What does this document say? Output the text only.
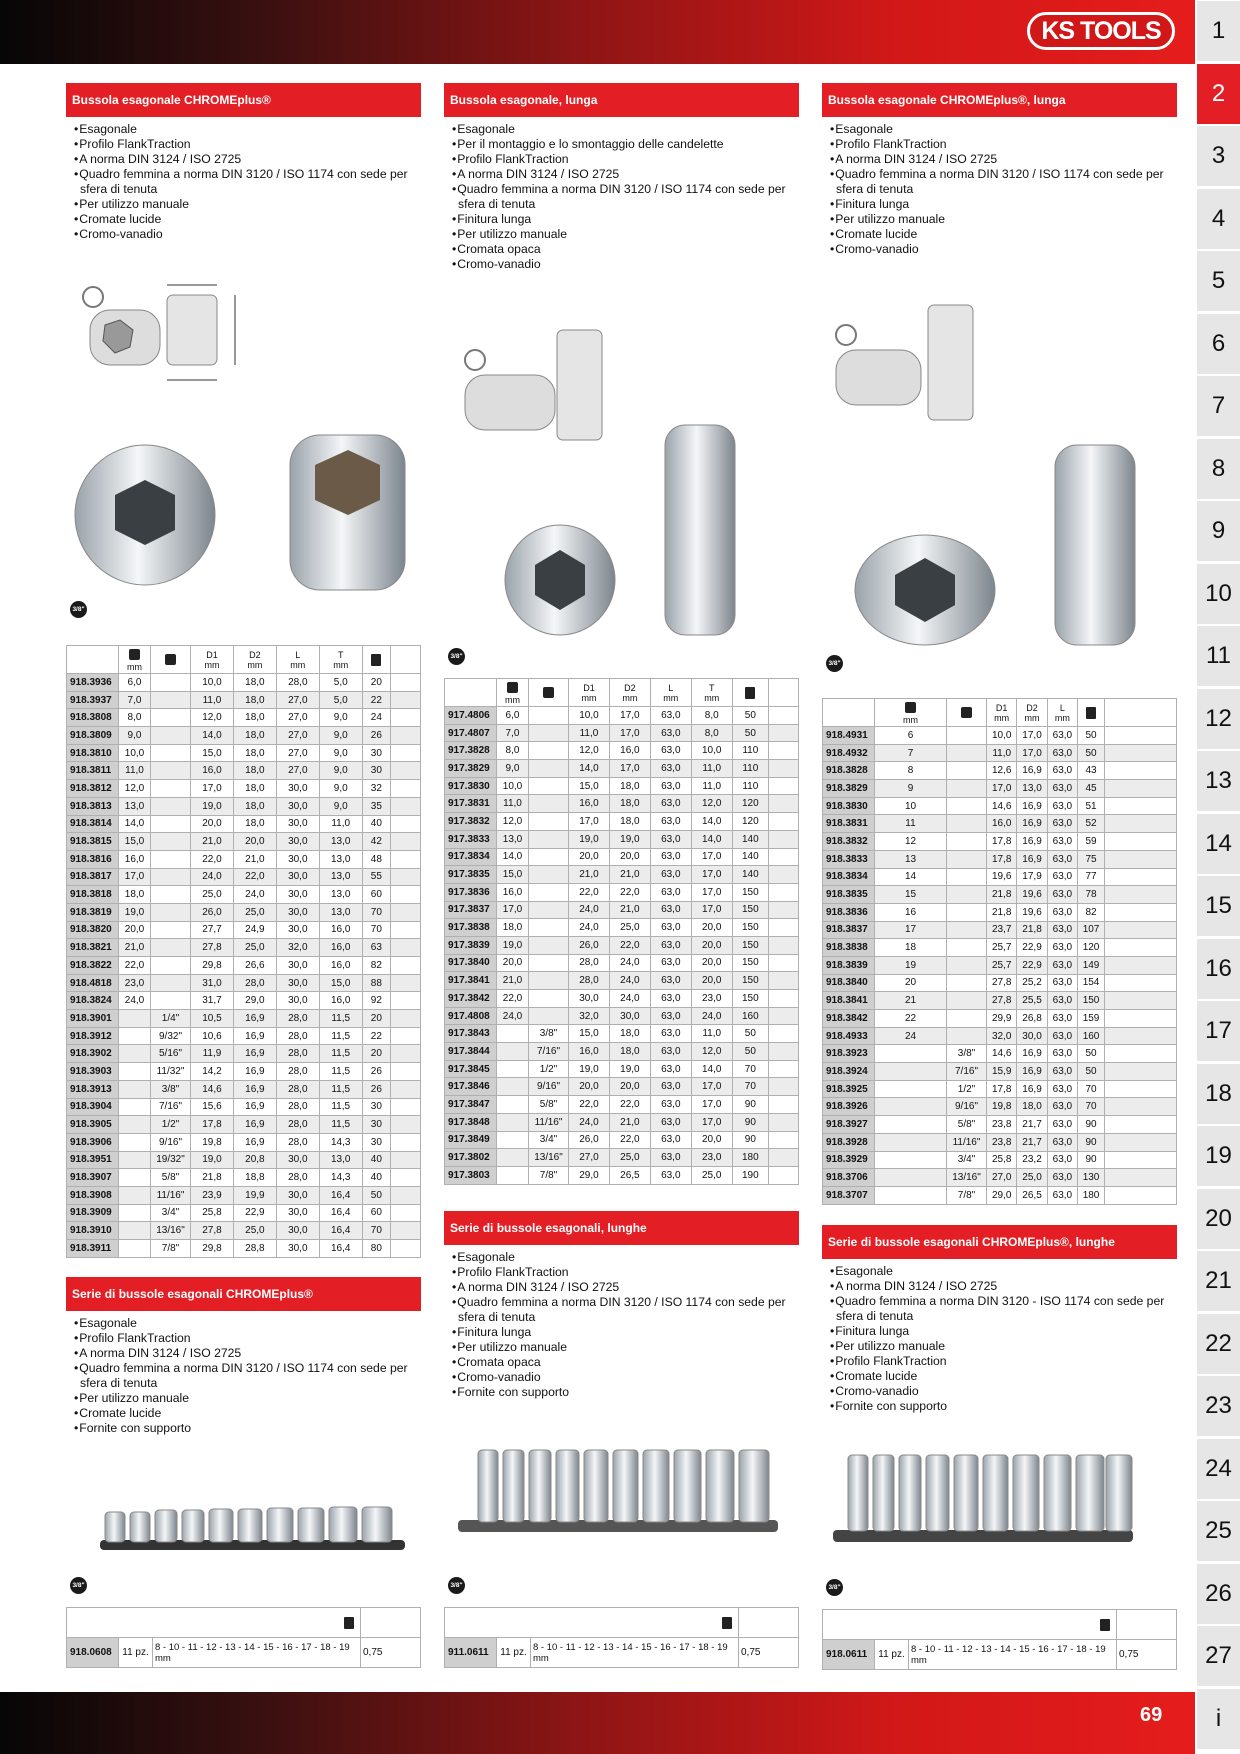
KS TOOLS
69
1
2
3
4
5
6
7
8
9
10
11
12
13
14
15
16
17
18
19
20
21
22
23
24
25
26
27
i
Bussola esagonale CHROMEplus®
• Esagonale
• Profilo FlankTraction
• A norma DIN 3124 / ISO 2725
• Quadro femmina a norma DIN 3120 / ISO 1174 con sede per sfera di tenuta
• Per utilizzo manuale
• Cromate lucide
• Cromo-vanadio
3/8"
Bussola esagonale, lunga
• Esagonale
• Per il montaggio e lo smontaggio delle candelette
• Profilo FlankTraction
• A norma DIN 3124 / ISO 2725
• Quadro femmina a norma DIN 3120 / ISO 1174 con sede per sfera di tenuta
• Finitura lunga
• Per utilizzo manuale
• Cromata opaca
• Cromo-vanadio
3/8"
Bussola esagonale CHROMEplus®, lunga
• Esagonale
• Profilo FlankTraction
• A norma DIN 3124 / ISO 2725
• Quadro femmina a norma DIN 3120 / ISO 1174 con sede per sfera di tenuta
• Finitura lunga
• Per utilizzo manuale
• Cromate lucide
• Cromo-vanadio
3/8"

mm		D1
mm	D2
mm	L
mm	T
mm		
918.3936	6,0		10,0	18,0	28,0	5,0	20	
918.3937	7,0		11,0	18,0	27,0	5,0	22	
918.3808	8,0		12,0	18,0	27,0	9,0	24	
918.3809	9,0		14,0	18,0	27,0	9,0	26	
918.3810	10,0		15,0	18,0	27,0	9,0	30	
918.3811	11,0		16,0	18,0	27,0	9,0	30	
918.3812	12,0		17,0	18,0	30,0	9,0	32	
918.3813	13,0		19,0	18,0	30,0	9,0	35	
918.3814	14,0		20,0	18,0	30,0	11,0	40	
918.3815	15,0		21,0	20,0	30,0	13,0	42	
918.3816	16,0		22,0	21,0	30,0	13,0	48	
918.3817	17,0		24,0	22,0	30,0	13,0	55	
918.3818	18,0		25,0	24,0	30,0	13,0	60	
918.3819	19,0		26,0	25,0	30,0	13,0	70	
918.3820	20,0		27,7	24,9	30,0	16,0	70	
918.3821	21,0		27,8	25,0	32,0	16,0	63	
918.3822	22,0		29,8	26,6	30,0	16,0	82	
918.4818	23,0		31,0	28,0	30,0	15,0	88	
918.3824	24,0		31,7	29,0	30,0	16,0	92	
918.3901		1/4"	10,5	16,9	28,0	11,5	20	
918.3912		9/32"	10,6	16,9	28,0	11,5	22	
918.3902		5/16"	11,9	16,9	28,0	11,5	20	
918.3903		11/32"	14,2	16,9	28,0	11,5	26	
918.3913		3/8"	14,6	16,9	28,0	11,5	26	
918.3904		7/16"	15,6	16,9	28,0	11,5	30	
918.3905		1/2"	17,8	16,9	28,0	11,5	30	
918.3906		9/16"	19,8	16,9	28,0	14,3	30	
918.3951		19/32"	19,0	20,8	30,0	13,0	40	
918.3907		5/8"	21,8	18,8	28,0	14,3	40	
918.3908		11/16"	23,9	19,9	30,0	16,4	50	
918.3909		3/4"	25,8	22,9	30,0	16,4	60	
918.3910		13/16"	27,8	25,0	30,0	16,4	70	
918.3911		7/8"	29,8	28,8	30,0	16,4	80	

mm		D1
mm	D2
mm	L
mm	T
mm		
917.4806	6,0		10,0	17,0	63,0	8,0	50	
917.4807	7,0		11,0	17,0	63,0	8,0	50	
917.3828	8,0		12,0	16,0	63,0	10,0	110	
917.3829	9,0		14,0	17,0	63,0	11,0	110	
917.3830	10,0		15,0	18,0	63,0	11,0	110	
917.3831	11,0		16,0	18,0	63,0	12,0	120	
917.3832	12,0		17,0	18,0	63,0	14,0	120	
917.3833	13,0		19,0	19,0	63,0	14,0	140	
917.3834	14,0		20,0	20,0	63,0	17,0	140	
917.3835	15,0		21,0	21,0	63,0	17,0	140	
917.3836	16,0		22,0	22,0	63,0	17,0	150	
917.3837	17,0		24,0	21,0	63,0	17,0	150	
917.3838	18,0		24,0	25,0	63,0	20,0	150	
917.3839	19,0		26,0	22,0	63,0	20,0	150	
917.3840	20,0		28,0	24,0	63,0	20,0	150	
917.3841	21,0		28,0	24,0	63,0	20,0	150	
917.3842	22,0		30,0	24,0	63,0	23,0	150	
917.4808	24,0		32,0	30,0	63,0	24,0	160	
917.3843		3/8"	15,0	18,0	63,0	11,0	50	
917.3844		7/16"	16,0	18,0	63,0	12,0	50	
917.3845		1/2"	19,0	19,0	63,0	14,0	70	
917.3846		9/16"	20,0	20,0	63,0	17,0	70	
917.3847		5/8"	22,0	22,0	63,0	17,0	90	
917.3848		11/16"	24,0	21,0	63,0	17,0	90	
917.3849		3/4"	26,0	22,0	63,0	20,0	90	
917.3802		13/16"	27,0	25,0	63,0	23,0	180	
917.3803		7/8"	29,0	26,5	63,0	25,0	190	

mm		D1
mm	D2
mm	L
mm		
918.4931	6		10,0	17,0	63,0	50	
918.4932	7		11,0	17,0	63,0	50	
918.3828	8		12,6	16,9	63,0	43	
918.3829	9		17,0	13,0	63,0	45	
918.3830	10		14,6	16,9	63,0	51	
918.3831	11		16,0	16,9	63,0	52	
918.3832	12		17,8	16,9	63,0	59	
918.3833	13		17,8	16,9	63,0	75	
918.3834	14		19,6	17,9	63,0	77	
918.3835	15		21,8	19,6	63,0	78	
918.3836	16		21,8	19,6	63,0	82	
918.3837	17		23,7	21,8	63,0	107	
918.3838	18		25,7	22,9	63,0	120	
918.3839	19		25,7	22,9	63,0	149	
918.3840	20		27,8	25,2	63,0	154	
918.3841	21		27,8	25,5	63,0	150	
918.3842	22		29,9	26,8	63,0	159	
918.4933	24		32,0	30,0	63,0	160	
918.3923		3/8"	14,6	16,9	63,0	50	
918.3924		7/16"	15,9	16,9	63,0	50	
918.3925		1/2"	17,8	16,9	63,0	70	
918.3926		9/16"	19,8	18,0	63,0	70	
918.3927		5/8"	23,8	21,7	63,0	90	
918.3928		11/16"	23,8	21,7	63,0	90	
918.3929		3/4"	25,8	23,2	63,0	90	
918.3706		13/16"	27,0	25,0	63,0	130	
918.3707		7/8"	29,0	26,5	63,0	180	
Serie di bussole esagonali CHROMEplus®
• Esagonale
• Profilo FlankTraction
• A norma DIN 3124 / ISO 2725
• Quadro femmina a norma DIN 3120 / ISO 1174 con sede per sfera di tenuta
• Per utilizzo manuale
• Cromate lucide
• Fornite con supporto
Serie di bussole esagonali, lunghe
• Esagonale
• Profilo FlankTraction
• A norma DIN 3124 / ISO 2725
• Quadro femmina a norma DIN 3120 / ISO 1174 con sede per sfera di tenuta
• Finitura lunga
• Per utilizzo manuale
• Cromata opaca
• Cromo-vanadio
• Fornite con supporto
Serie di bussole esagonali CHROMEplus®, lunghe
• Esagonale
• A norma DIN 3124 / ISO 2725
• Quadro femmina a norma DIN 3120 - ISO 1174 con sede per sfera di tenuta
• Finitura lunga
• Per utilizzo manuale
• Profilo FlankTraction
• Cromate lucide
• Cromo-vanadio
• Fornite con supporto
3/8"	3/8"	3/8"

918.0608	11 pz.	8 - 10 - 11 - 12 - 13 - 14 - 15 - 16 - 17 - 18 - 19 mm	0,75
		911.0611	11 pz.	8 - 10 - 11 - 12 - 13 - 14 - 15 - 16 - 17 - 18 - 19 mm	0,75
		918.0611	11 pz.	8 - 10 - 11 - 12 - 13 - 14 - 15 - 16 - 17 - 18 - 19 mm	0,75
